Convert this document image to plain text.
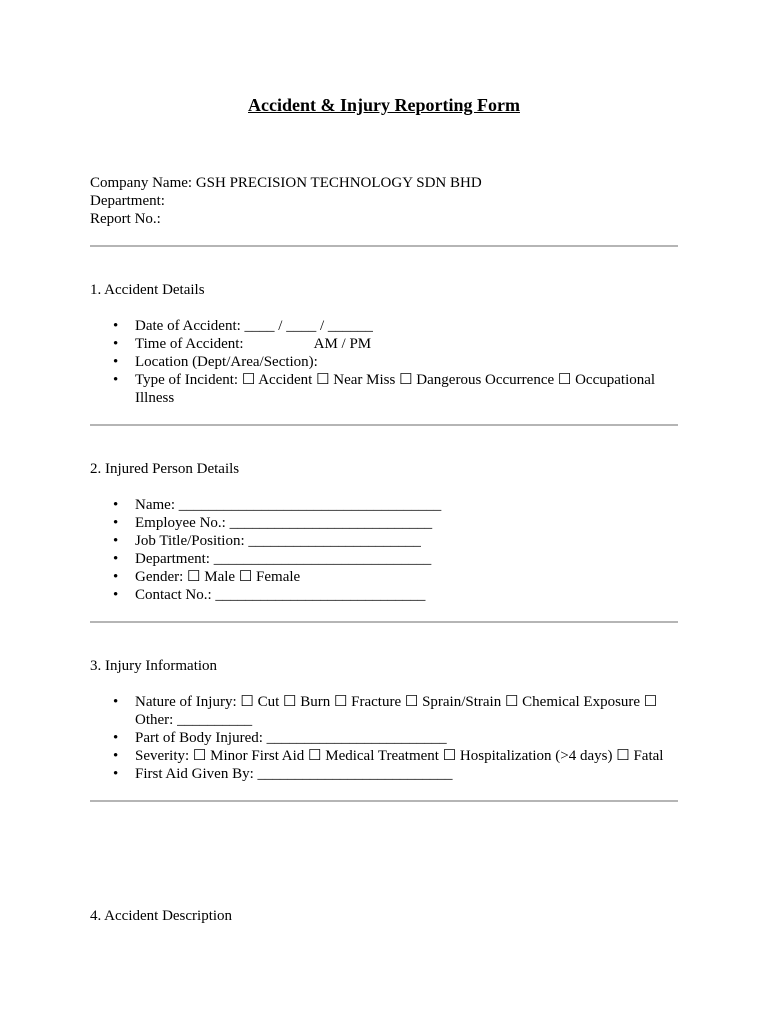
Accident & Injury Reporting Form
Company Name: GSH PRECISION TECHNOLOGY SDN BHD
Department:
Report No.:
1. Accident Details
• Date of Accident: ____ / ____ / ______
• Time of Accident:	AM / PM
• Location (Dept/Area/Section):
• Type of Incident: ☐ Accident ☐ Near Miss ☐ Dangerous Occurrence ☐ Occupational Illness
2. Injured Person Details
• Name: ___________________________________
• Employee No.: ___________________________
• Job Title/Position: _______________________
• Department: _____________________________
• Gender: ☐ Male ☐ Female
• Contact No.: ____________________________
3. Injury Information
• Nature of Injury: ☐ Cut ☐ Burn ☐ Fracture ☐ Sprain/Strain ☐ Chemical Exposure ☐ Other: __________
• Part of Body Injured: ________________________
• Severity: ☐ Minor First Aid ☐ Medical Treatment ☐ Hospitalization (>4 days) ☐ Fatal
• First Aid Given By: __________________________
4. Accident Description
